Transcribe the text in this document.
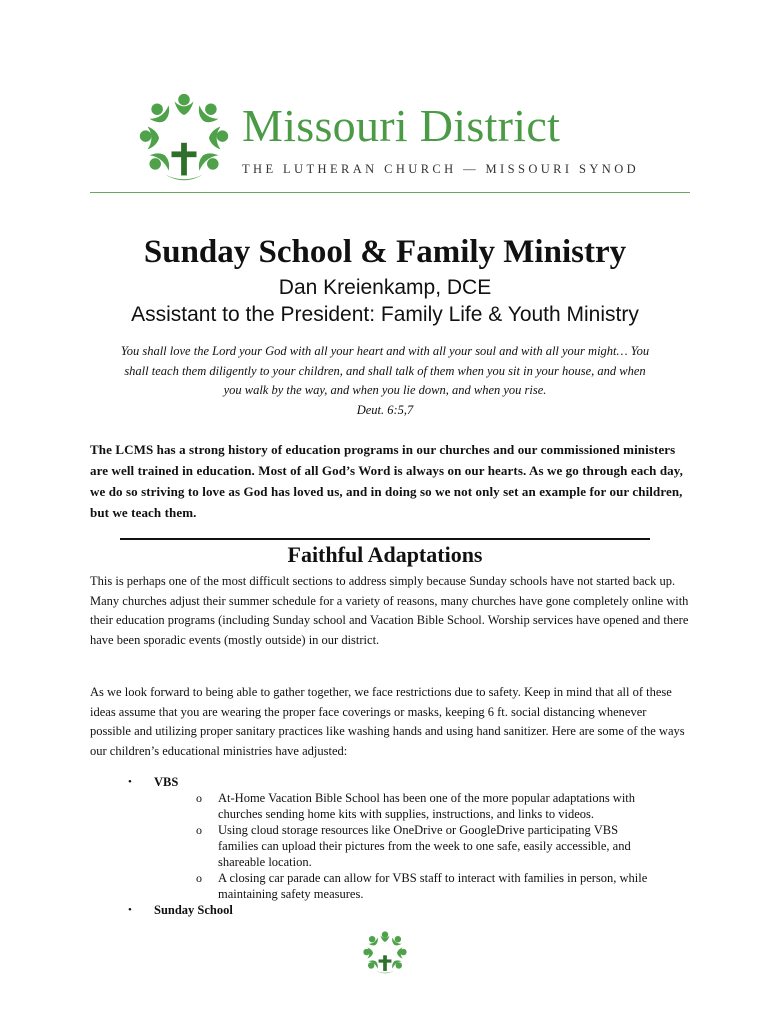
Missouri District
THE LUTHERAN CHURCH — MISSOURI SYNOD
Sunday School & Family Ministry
Dan Kreienkamp, DCE
Assistant to the President: Family Life & Youth Ministry

You shall love the Lord your God with all your heart and with all your soul and with all your might… You

shall teach them diligently to your children, and shall talk of them when you sit in your house, and when

you walk by the way, and when you lie down, and when you rise.

Deut. 6:5,7

The LCMS has a strong history of education programs in our churches and our commissioned ministers are well trained in education. Most of all God’s Word is always on our hearts. As we go through each day, we do so striving to love as God has loved us, and in doing so we not only set an example for our children, but we teach them.
Faithful Adaptations
This is perhaps one of the most difficult sections to address simply because Sunday schools have not started back up. Many churches adjust their summer schedule for a variety of reasons, many churches have gone completely online with their education programs (including Sunday school and Vacation Bible School. Worship services have opened and there have been sporadic events (mostly outside) in our district.
As we look forward to being able to gather together, we face restrictions due to safety. Keep in mind that all of these ideas assume that you are wearing the proper face coverings or masks, keeping 6 ft. social distancing whenever possible and utilizing proper sanitary practices like washing hands and using hand sanitizer. Here are some of the ways our children’s educational ministries have adjusted:
• VBS
o At-Home Vacation Bible School has been one of the more popular adaptations with churches sending home kits with supplies, instructions, and links to videos.
o Using cloud storage resources like OneDrive or GoogleDrive participating VBS families can upload their pictures from the week to one safe, easily accessible, and shareable location.
o A closing car parade can allow for VBS staff to interact with families in person, while maintaining safety measures.
• Sunday School
